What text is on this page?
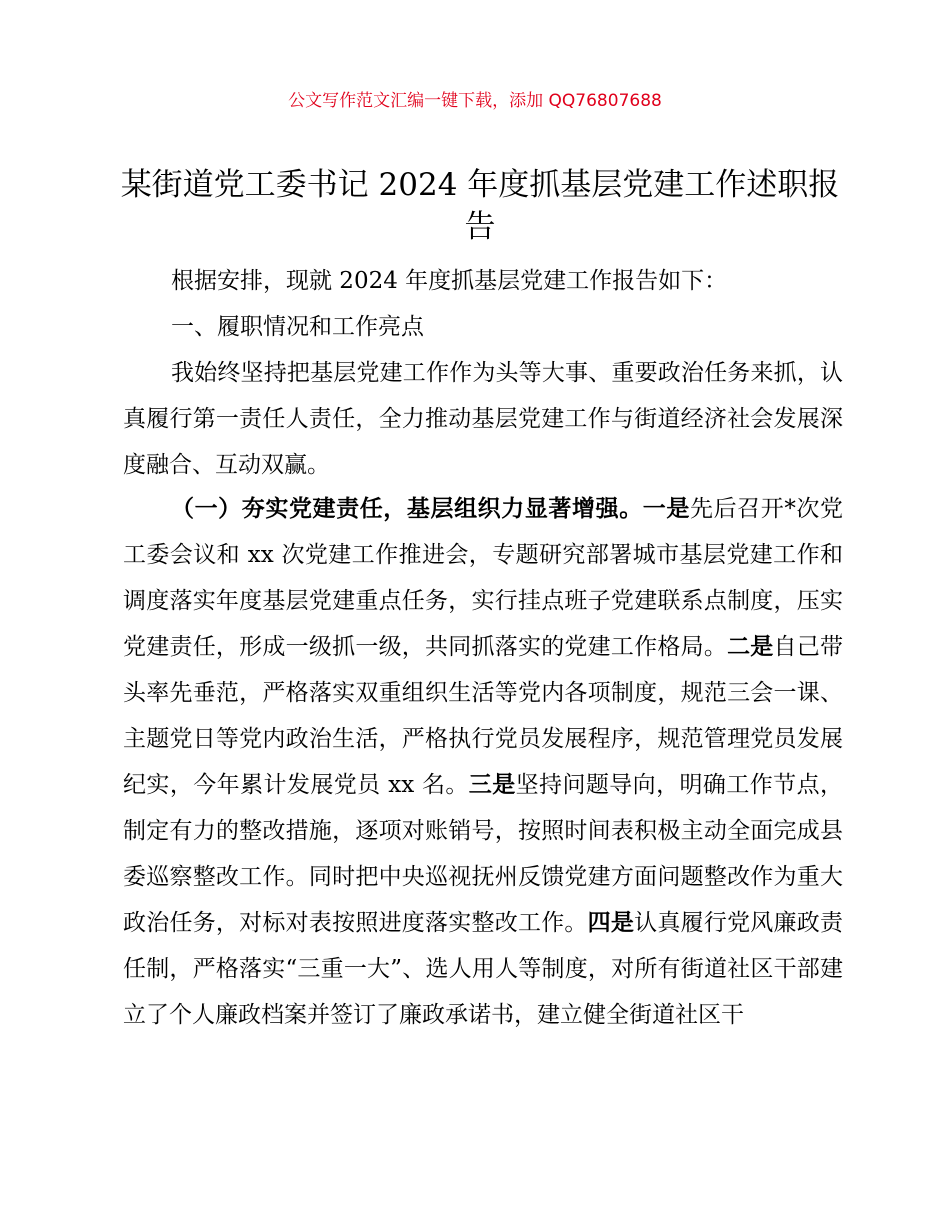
公文写作范文汇编一键下载，添加 QQ76807688
某街道党工委书记 2024 年度抓基层党建工作述职报告

根据安排，现就 2024 年度抓基层党建工作报告如下：

一、履职情况和工作亮点

我始终坚持把基层党建工作作为头等大事、重要政治任务来抓，认真履行第一责任人责任，全力推动基层党建工作与街道经济社会发展深度融合、互动双赢。

（一）夯实党建责任，基层组织力显著增强。一是先后召开*次党工委会议和 xx 次党建工作推进会，专题研究部署城市基层党建工作和调度落实年度基层党建重点任务，实行挂点班子党建联系点制度，压实党建责任，形成一级抓一级，共同抓落实的党建工作格局。二是自己带头率先垂范，严格落实双重组织生活等党内各项制度，规范三会一课、主题党日等党内政治生活，严格执行党员发展程序，规范管理党员发展纪实，今年累计发展党员 xx 名。三是坚持问题导向，明确工作节点，制定有力的整改措施，逐项对账销号，按照时间表积极主动全面完成县委巡察整改工作。同时把中央巡视抚州反馈党建方面问题整改作为重大政治任务，对标对表按照进度落实整改工作。四是认真履行党风廉政责任制，严格落实“三重一大”、选人用人等制度，对所有街道社区干部建立了个人廉政档案并签订了廉政承诺书，建立健全街道社区干
